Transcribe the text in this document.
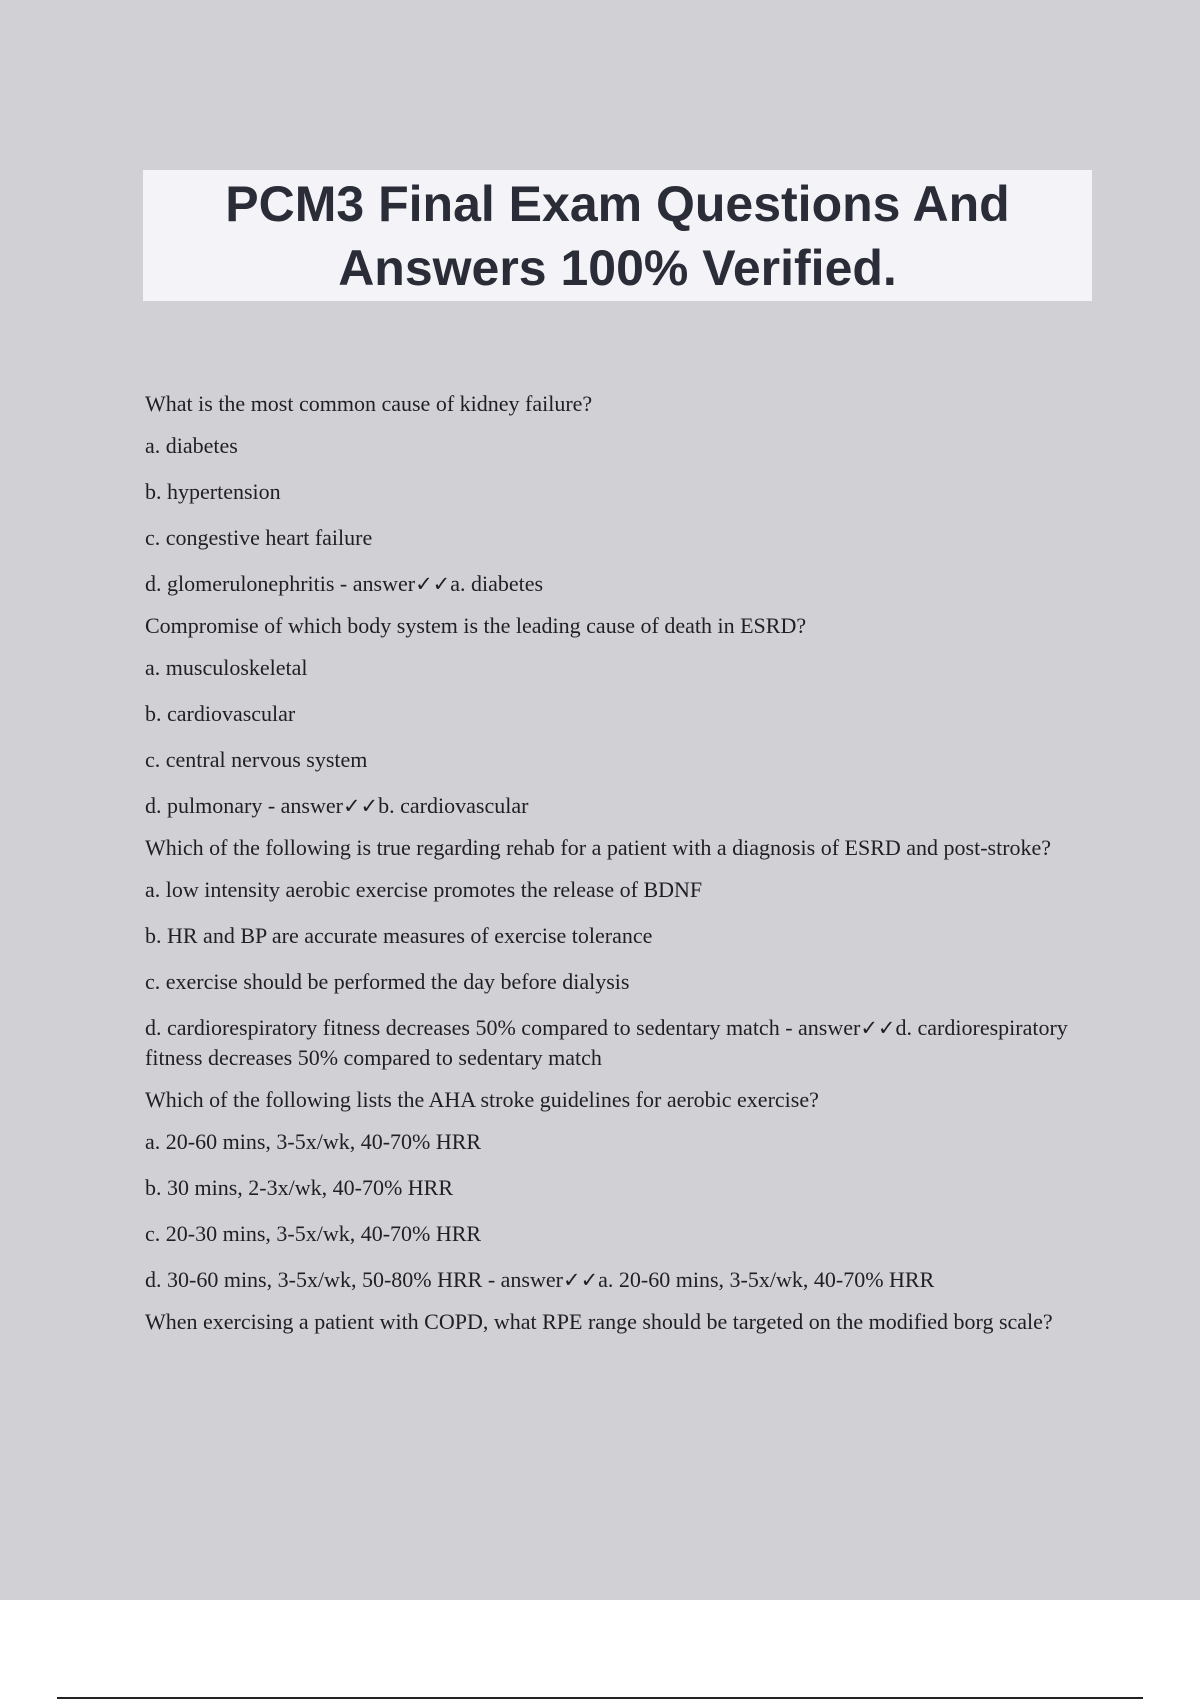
PCM3 Final Exam Questions And
Answers 100% Verified.
What is the most common cause of kidney failure?
a. diabetes
b. hypertension
c. congestive heart failure
d. glomerulonephritis - answer✓✓a. diabetes
Compromise of which body system is the leading cause of death in ESRD?
a. musculoskeletal
b. cardiovascular
c. central nervous system
d. pulmonary - answer✓✓b. cardiovascular
Which of the following is true regarding rehab for a patient with a diagnosis of ESRD and post-stroke?
a. low intensity aerobic exercise promotes the release of BDNF
b. HR and BP are accurate measures of exercise tolerance
c. exercise should be performed the day before dialysis
d. cardiorespiratory fitness decreases 50% compared to sedentary match - answer✓✓d. cardiorespiratory fitness decreases 50% compared to sedentary match
Which of the following lists the AHA stroke guidelines for aerobic exercise?
a. 20-60 mins, 3-5x/wk, 40-70% HRR
b. 30 mins, 2-3x/wk, 40-70% HRR
c. 20-30 mins, 3-5x/wk, 40-70% HRR
d. 30-60 mins, 3-5x/wk, 50-80% HRR - answer✓✓a. 20-60 mins, 3-5x/wk, 40-70% HRR
When exercising a patient with COPD, what RPE range should be targeted on the modified borg scale?
